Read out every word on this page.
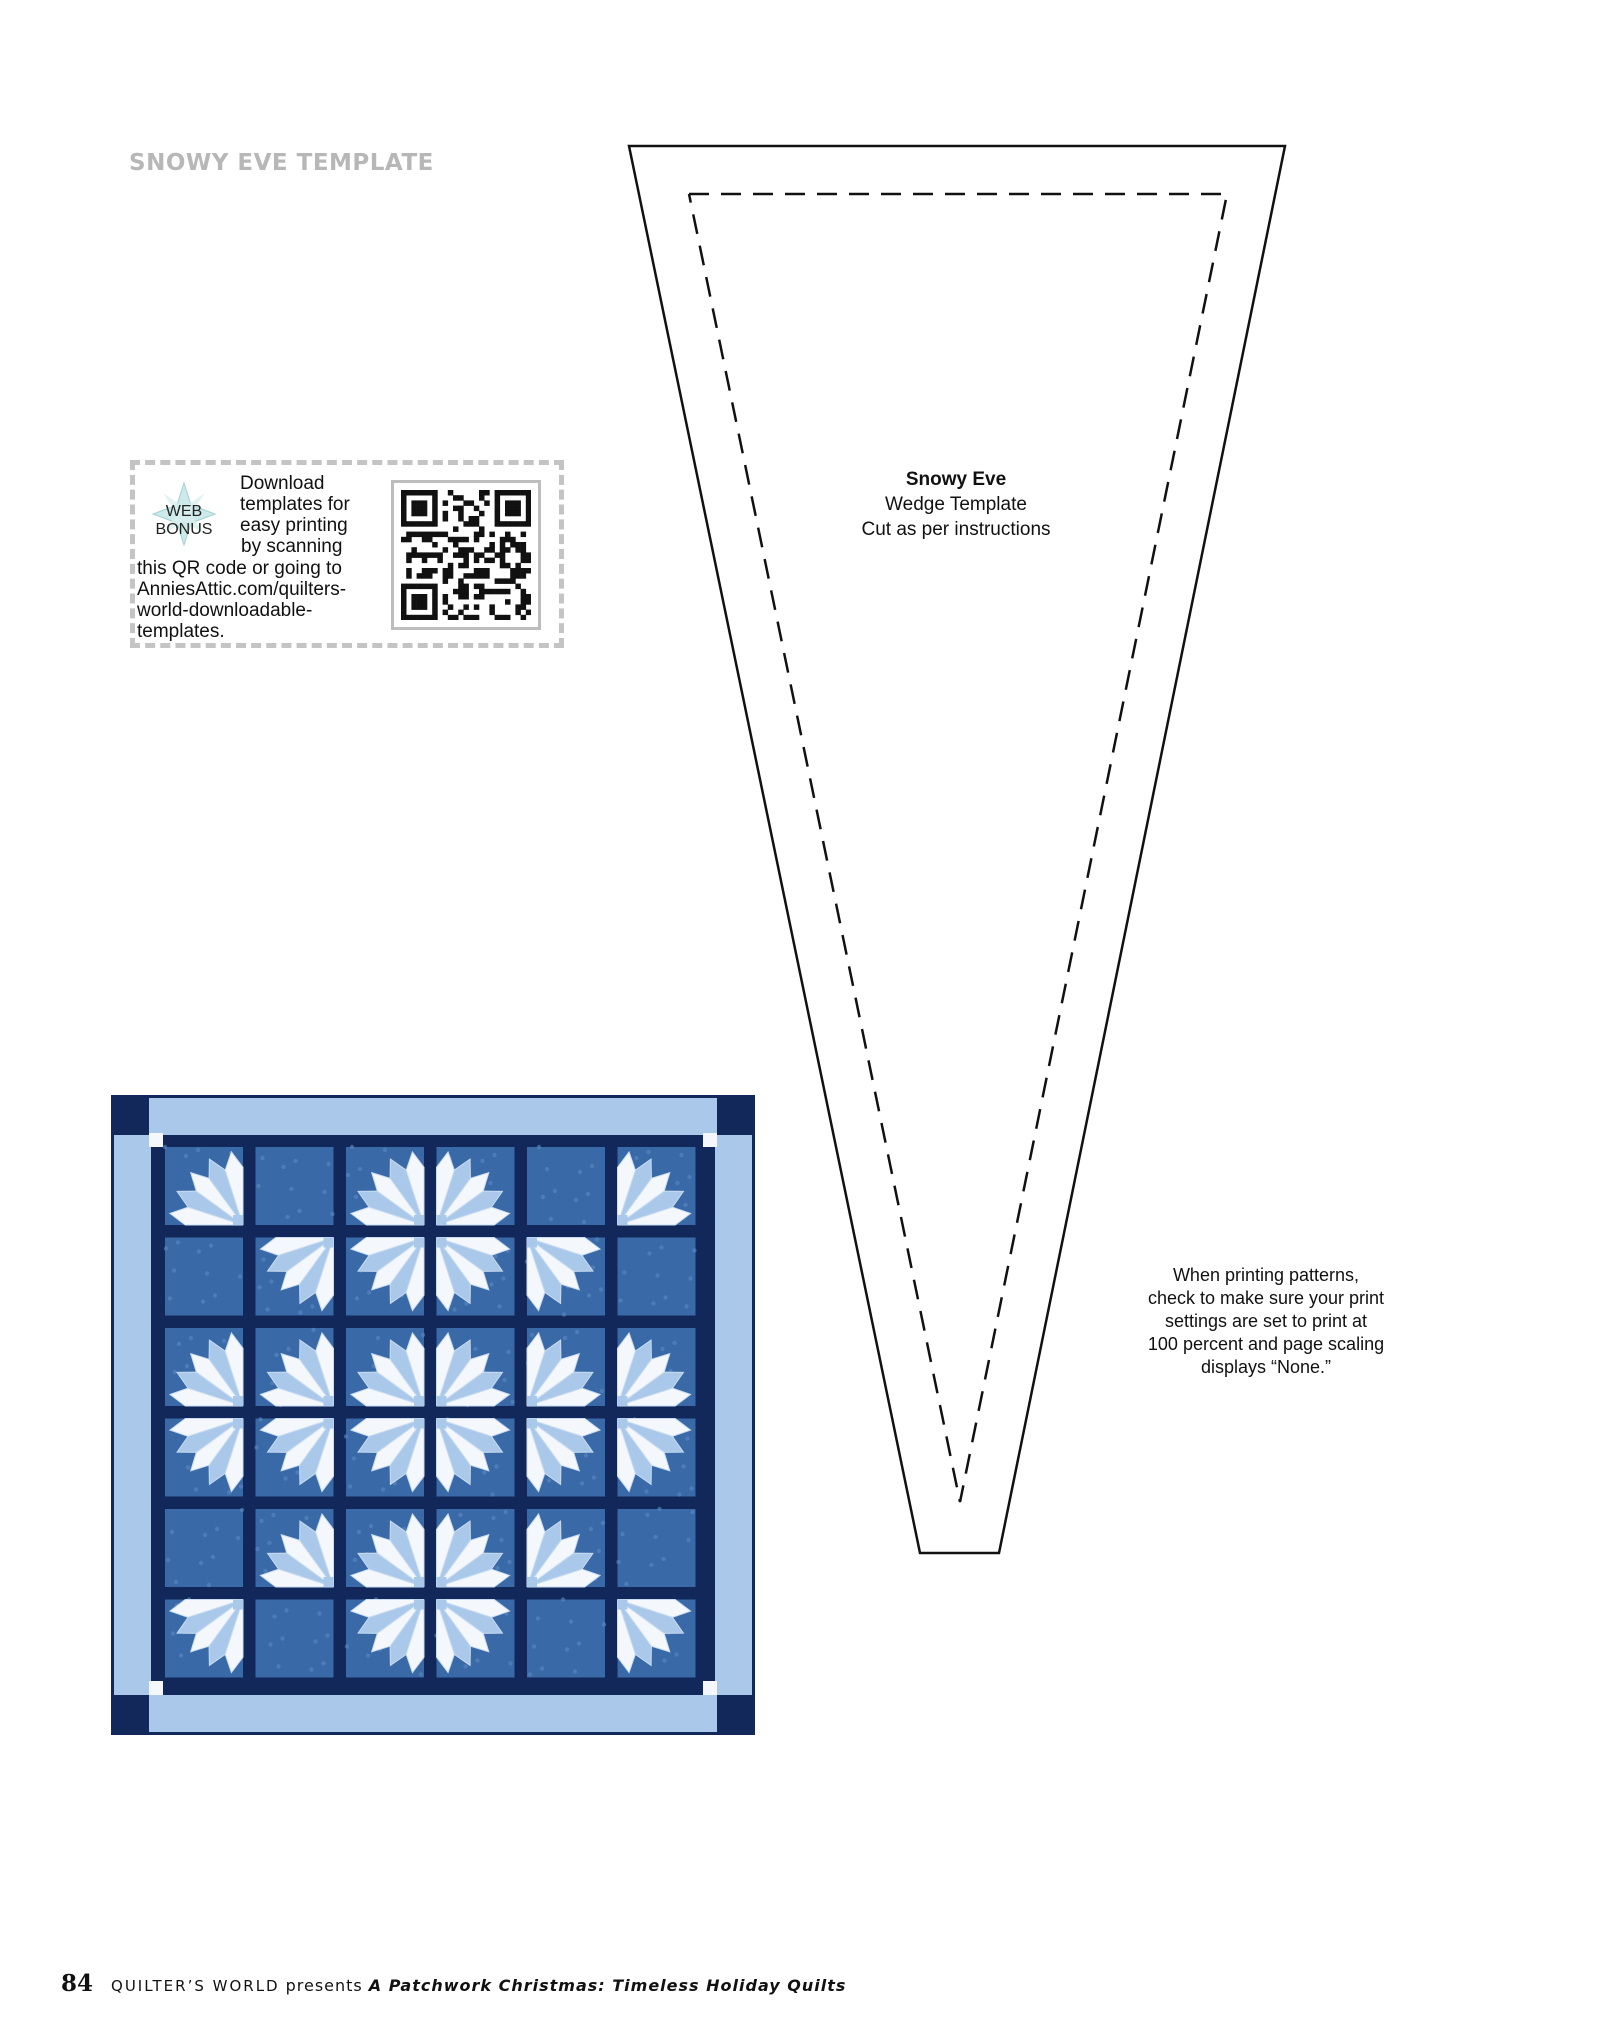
SNOWY EVE TEMPLATE
WEB
BONUS
Download
templates for
easy printing
by scanning
this QR code or going to
AnniesAttic.com/quilters-
world-downloadable-
templates.
Snowy Eve
Wedge Template
Cut as per instructions
When printing patterns,
check to make sure your print
settings are set to print at
100 percent and page scaling
displays “None.”
84 QUILTER’S WORLD presents A Patchwork Christmas: Timeless Holiday Quilts
